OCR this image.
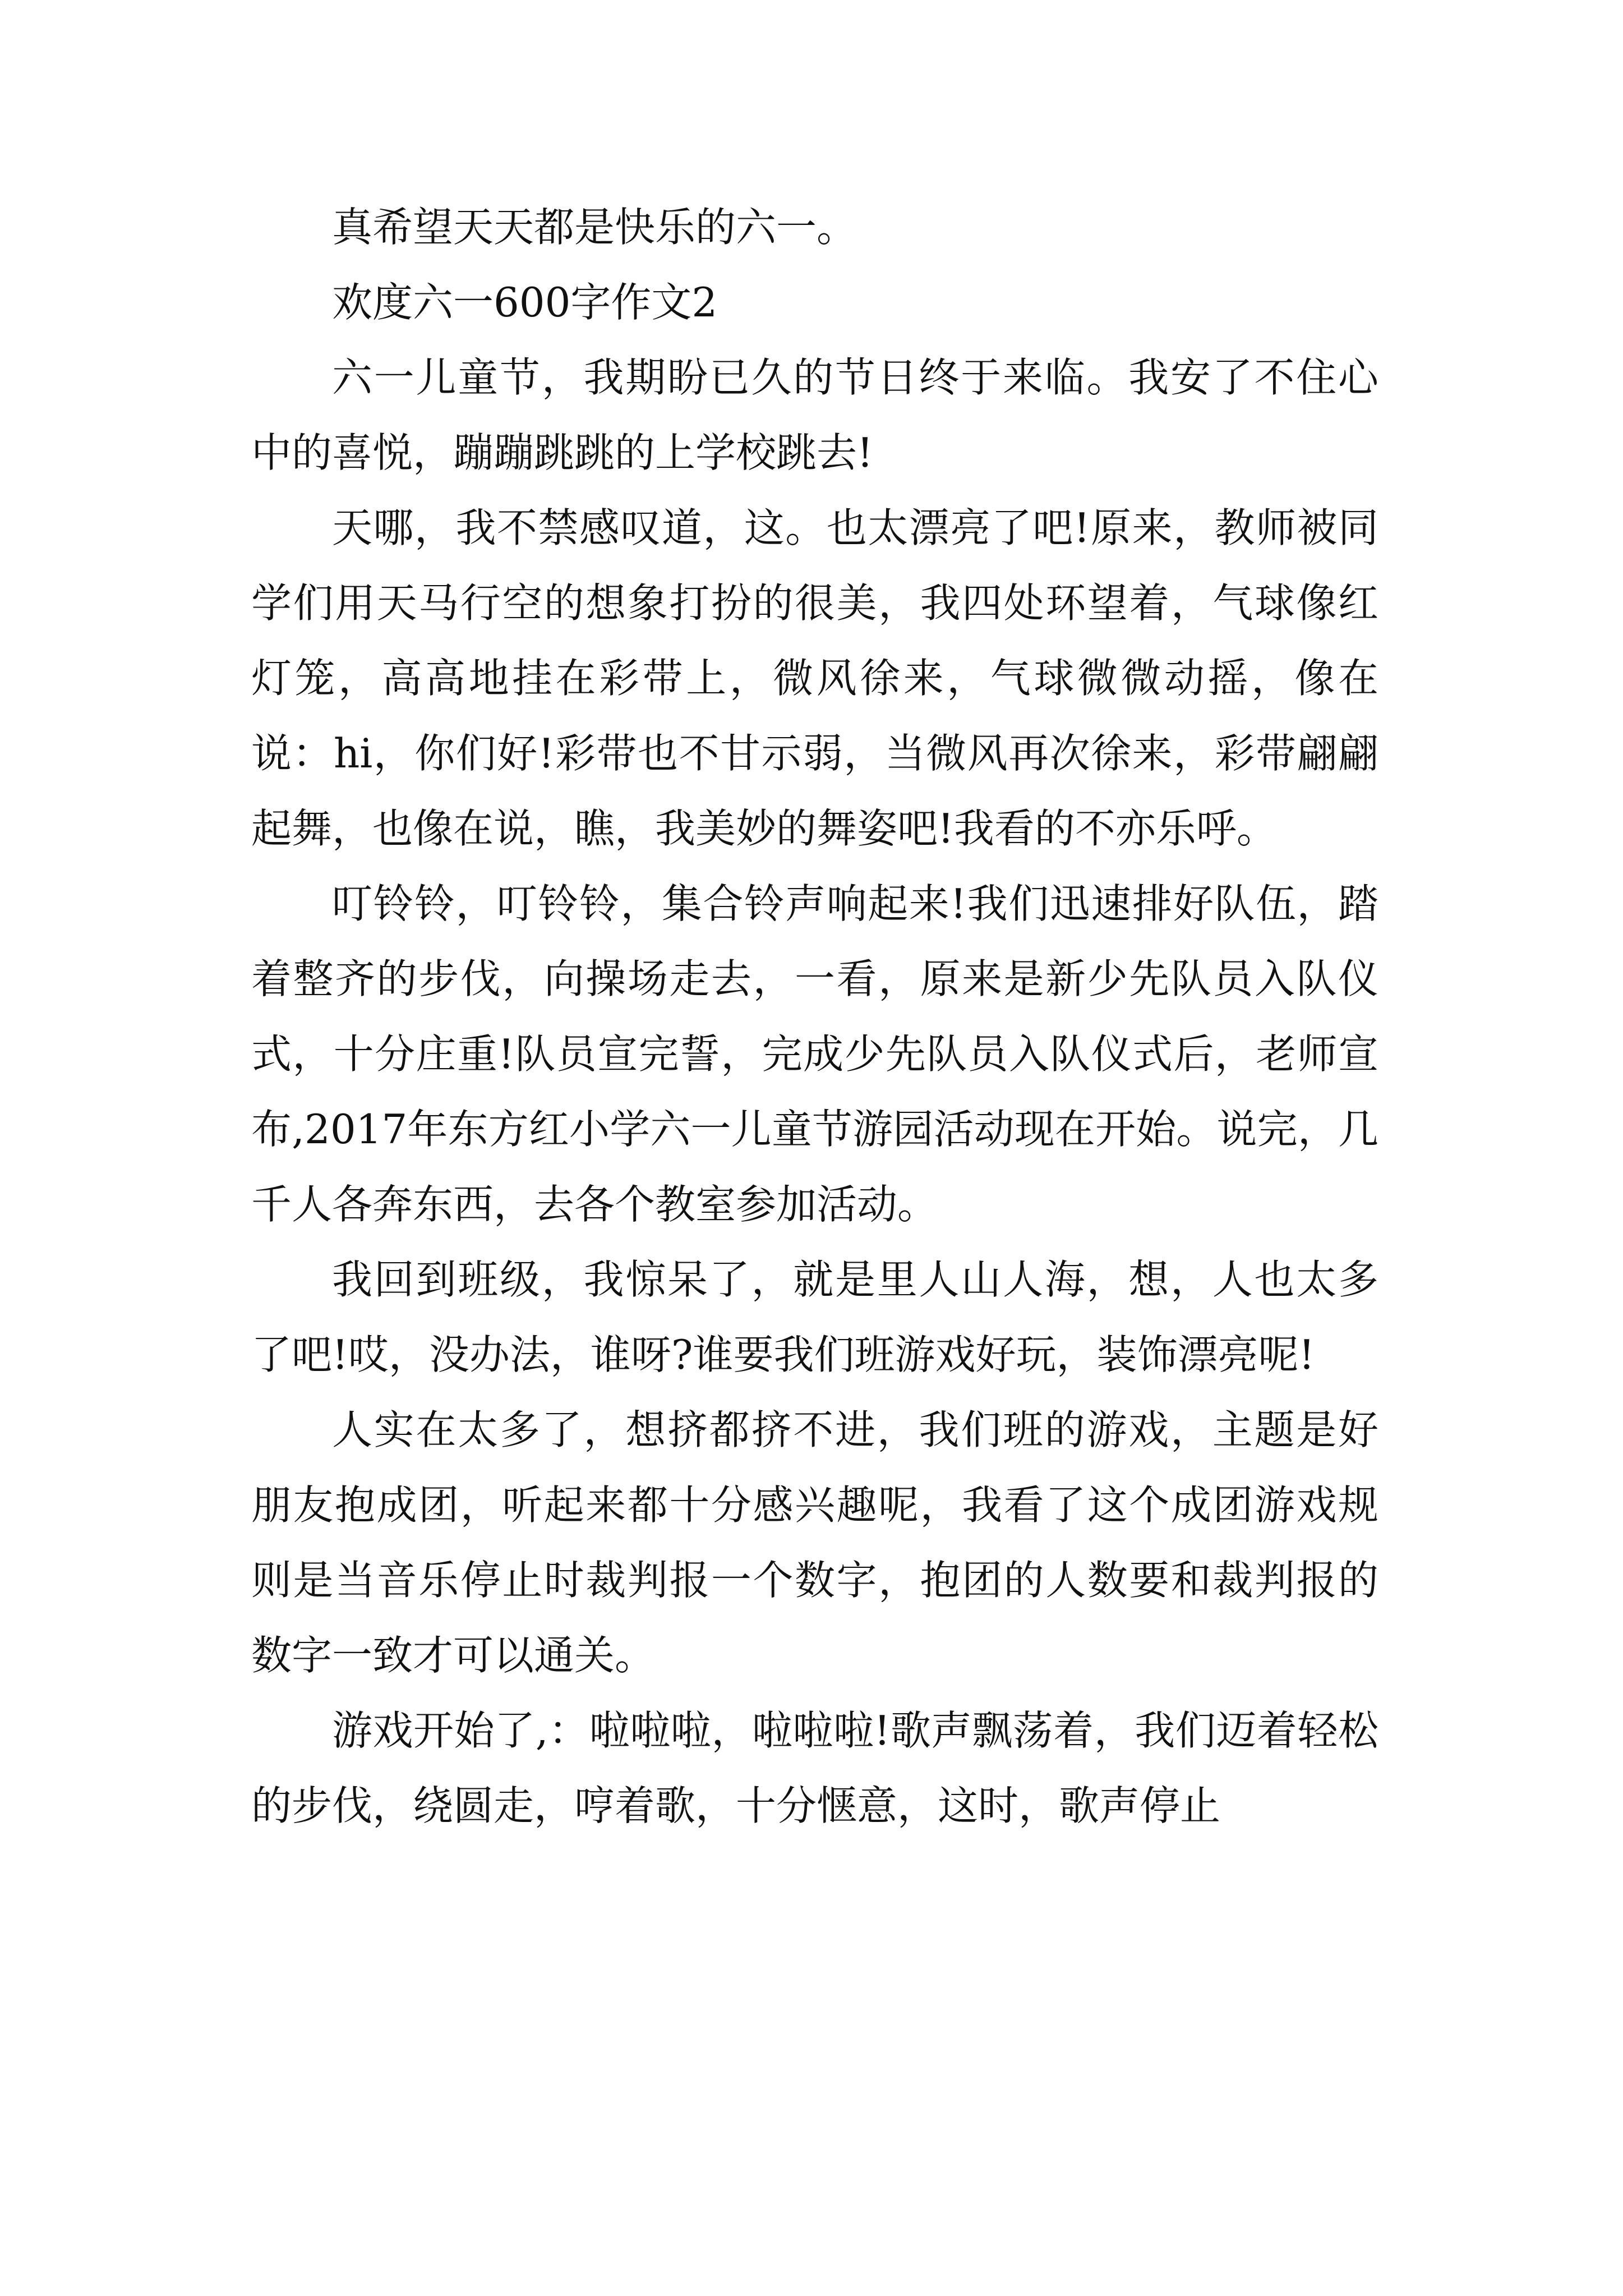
真希望天天都是快乐的六一。

欢度六一600字作文2

六一儿童节，我期盼已久的节日终于来临。我安了不住心中的喜悦，蹦蹦跳跳的上学校跳去!

天哪，我不禁感叹道，这。也太漂亮了吧!原来，教师被同学们用天马行空的想象打扮的很美，我四处环望着，气球像红灯笼，高高地挂在彩带上，微风徐来，气球微微动摇，像在说：hi，你们好!彩带也不甘示弱，当微风再次徐来，彩带翩翩起舞，也像在说，瞧，我美妙的舞姿吧!我看的不亦乐呼。

叮铃铃，叮铃铃，集合铃声响起来!我们迅速排好队伍，踏着整齐的步伐，向操场走去，一看，原来是新少先队员入队仪式，十分庄重!队员宣完誓，完成少先队员入队仪式后，老师宣布,2017年东方红小学六一儿童节游园活动现在开始。说完，几千人各奔东西，去各个教室参加活动。

我回到班级，我惊呆了，就是里人山人海，想，人也太多了吧!哎，没办法，谁呀?谁要我们班游戏好玩，装饰漂亮呢!

人实在太多了，想挤都挤不进，我们班的游戏，主题是好朋友抱成团，听起来都十分感兴趣呢，我看了这个成团游戏规则是当音乐停止时裁判报一个数字，抱团的人数要和裁判报的数字一致才可以通关。

游戏开始了,：啦啦啦，啦啦啦!歌声飘荡着，我们迈着轻松的步伐，绕圆走，哼着歌，十分惬意，这时，歌声停止
